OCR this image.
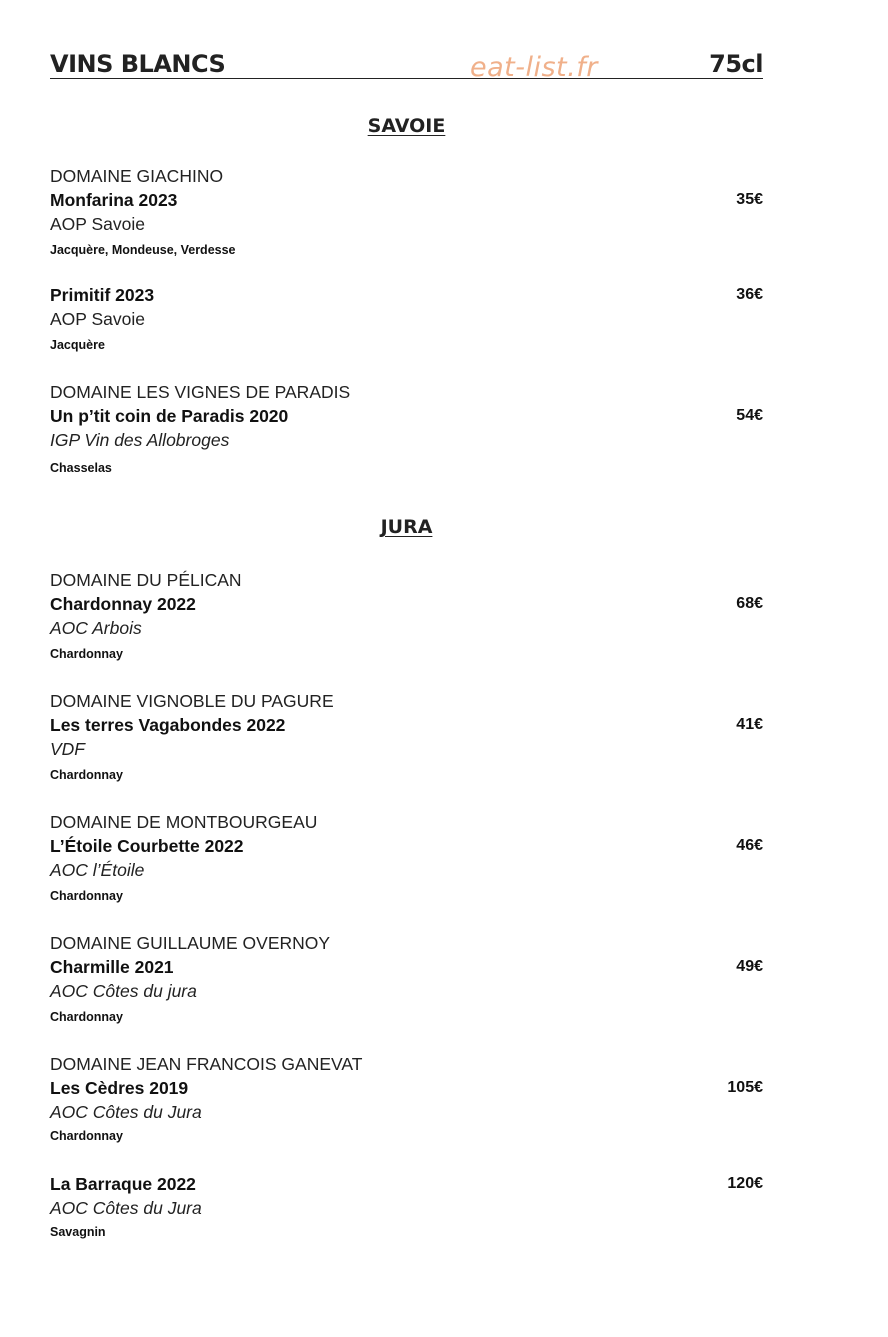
VINS BLANCS	eat-list.fr	75cl
SAVOIE
DOMAINE GIACHINO
Monfarina 2023
AOP Savoie
Jacquère, Mondeuse, Verdesse
35€
Primitif 2023
AOP Savoie
Jacquère
36€
DOMAINE LES VIGNES DE PARADIS
Un p’tit coin de Paradis 2020
IGP Vin des Allobroges
Chasselas
54€
JURA
DOMAINE DU PÉLICAN
Chardonnay 2022
AOC Arbois
Chardonnay
68€
DOMAINE VIGNOBLE DU PAGURE
Les terres Vagabondes 2022
VDF
Chardonnay
41€
DOMAINE DE MONTBOURGEAU
L’Étoile Courbette 2022
AOC l’Étoile
Chardonnay
46€
DOMAINE GUILLAUME OVERNOY
Charmille 2021
AOC Côtes du jura
Chardonnay
49€
DOMAINE JEAN FRANCOIS GANEVAT
Les Cèdres 2019
AOC Côtes du Jura
Chardonnay
105€
La Barraque 2022
AOC Côtes du Jura
Savagnin
120€
